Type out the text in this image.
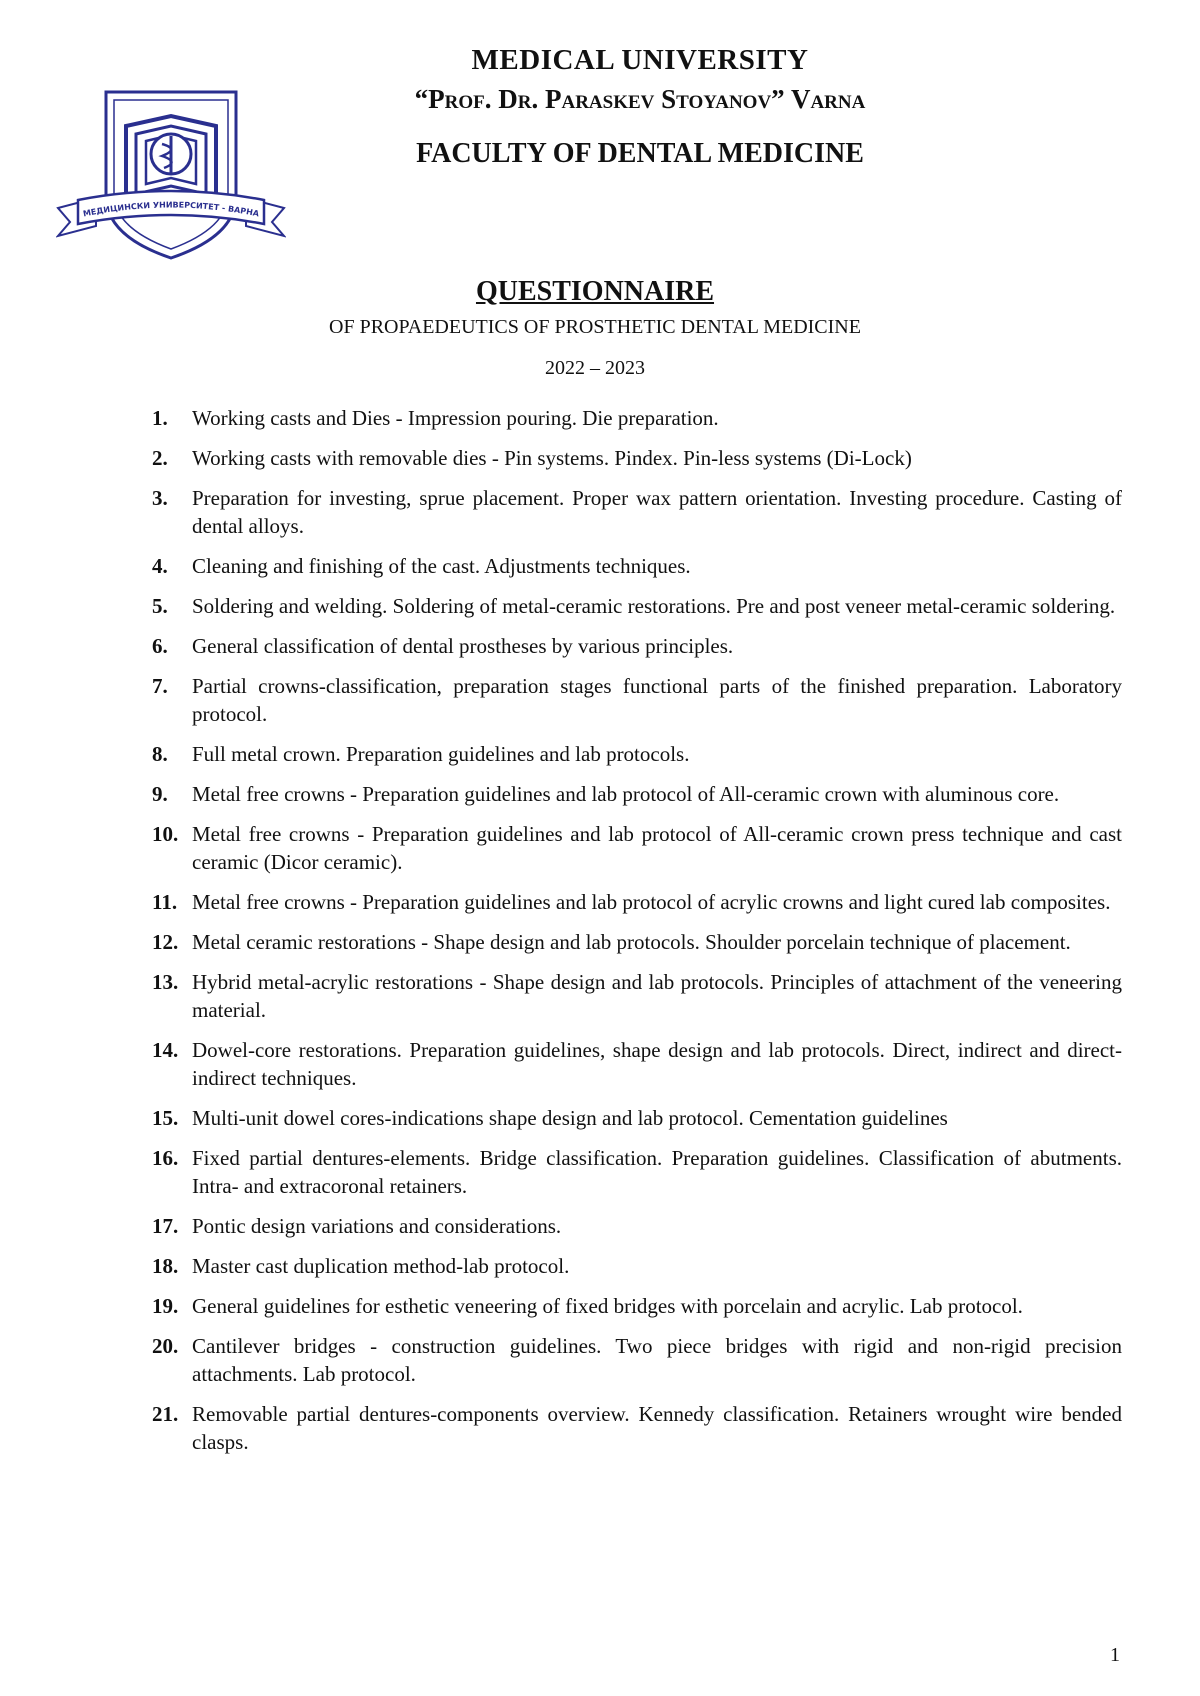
МЕДИЦИНСКИ УНИВЕРСИТЕТ - ВАРНА
MEDICAL UNIVERSITY
“Prof. Dr. Paraskev Stoyanov” Varna
FACULTY OF DENTAL MEDICINE
QUESTIONNAIRE
OF PROPAEDEUTICS OF PROSTHETIC DENTAL MEDICINE
2022 – 2023
1.	Working casts and Dies - Impression pouring. Die preparation.
2.	Working casts with removable dies - Pin systems. Pindex. Pin-less systems (Di-Lock)
3.	Preparation for investing, sprue placement. Proper wax pattern orientation. Investing procedure. Casting of dental alloys.
4.	Cleaning and finishing of the cast. Adjustments techniques.
5.	Soldering and welding. Soldering of metal-ceramic restorations. Pre and post veneer metal-ceramic soldering.
6.	General classification of dental prostheses by various principles.
7.	Partial crowns-classification, preparation stages functional parts of the finished preparation. Laboratory protocol.
8.	Full metal crown. Preparation guidelines and lab protocols.
9.	Metal free crowns - Preparation guidelines and lab protocol of All-ceramic crown with aluminous core.
10. Metal free crowns - Preparation guidelines and lab protocol of All-ceramic crown press technique and cast ceramic (Dicor ceramic).
11. Metal free crowns - Preparation guidelines and lab protocol of acrylic crowns and light cured lab composites.
12. Metal ceramic restorations - Shape design and lab protocols. Shoulder porcelain technique of placement.
13. Hybrid metal-acrylic restorations - Shape design and lab protocols. Principles of attachment of the veneering material.
14. Dowel-core restorations. Preparation guidelines, shape design and lab protocols. Direct, indirect and direct-indirect techniques.
15. Multi-unit dowel cores-indications shape design and lab protocol. Cementation guidelines
16. Fixed partial dentures-elements. Bridge classification. Preparation guidelines. Classification of abutments. Intra- and extracoronal retainers.
17. Pontic design variations and considerations.
18. Master cast duplication method-lab protocol.
19. General guidelines for esthetic veneering of fixed bridges with porcelain and acrylic. Lab protocol.
20. Cantilever bridges - construction guidelines. Two piece bridges with rigid and non-rigid precision attachments. Lab protocol.
21. Removable partial dentures-components overview. Kennedy classification. Retainers wrought wire bended clasps.
1
